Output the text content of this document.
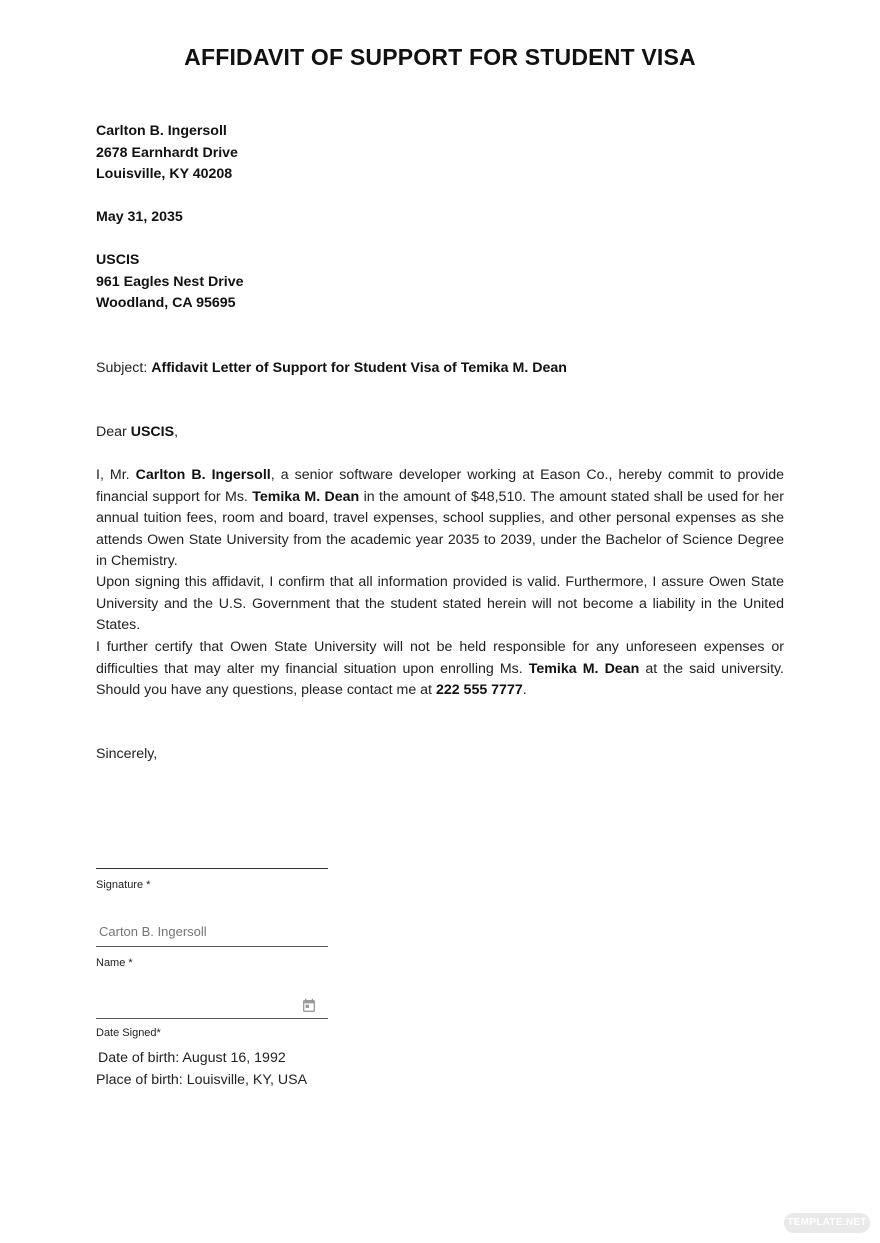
AFFIDAVIT OF SUPPORT FOR STUDENT VISA
Carlton B. Ingersoll
2678 Earnhardt Drive
Louisville, KY 40208
May 31, 2035
USCIS
961 Eagles Nest Drive
Woodland, CA 95695
Subject: Affidavit Letter of Support for Student Visa of Temika M. Dean
Dear USCIS,
I, Mr. Carlton B. Ingersoll, a senior software developer working at Eason Co., hereby commit to provide financial support for Ms. Temika M. Dean in the amount of $48,510. The amount stated shall be used for her annual tuition fees, room and board, travel expenses, school supplies, and other personal expenses as she attends Owen State University from the academic year 2035 to 2039, under the Bachelor of Science Degree in Chemistry.
Upon signing this affidavit, I confirm that all information provided is valid. Furthermore, I assure Owen State University and the U.S. Government that the student stated herein will not become a liability in the United States.
I further certify that Owen State University will not be held responsible for any unforeseen expenses or difficulties that may alter my financial situation upon enrolling Ms. Temika M. Dean at the said university. Should you have any questions, please contact me at 222 555 7777.
Sincerely,
Signature *
Carton B. Ingersoll
Name *
Date Signed*
Date of birth: August 16, 1992
Place of birth: Louisville, KY, USA
TEMPLATE.NET
